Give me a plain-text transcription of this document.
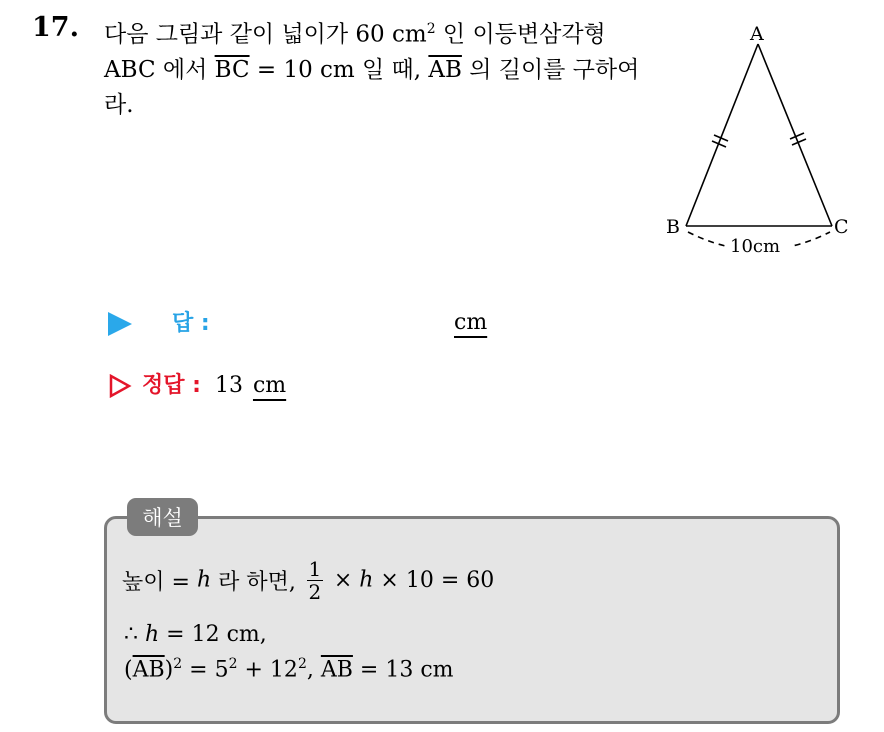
17. 다음 그림과 같이 넓이가 60 $cm^2$ 인 이등변삼각형 ABC 에서 $\overline{BC} = 10$ cm 일 때, $\overline{AB}$ 의 길이를 구하여라.
A
B	C
10cm
답 :	cm
정답 : 13 cm
해설
높이 = h 라 하면, $\frac{1}{2} \times h \times 10 = 60$
∴ h = 12 cm,
$(\overline{AB})^2 = 5^2 + 12^2$, $\overline{AB} = 13$ cm
